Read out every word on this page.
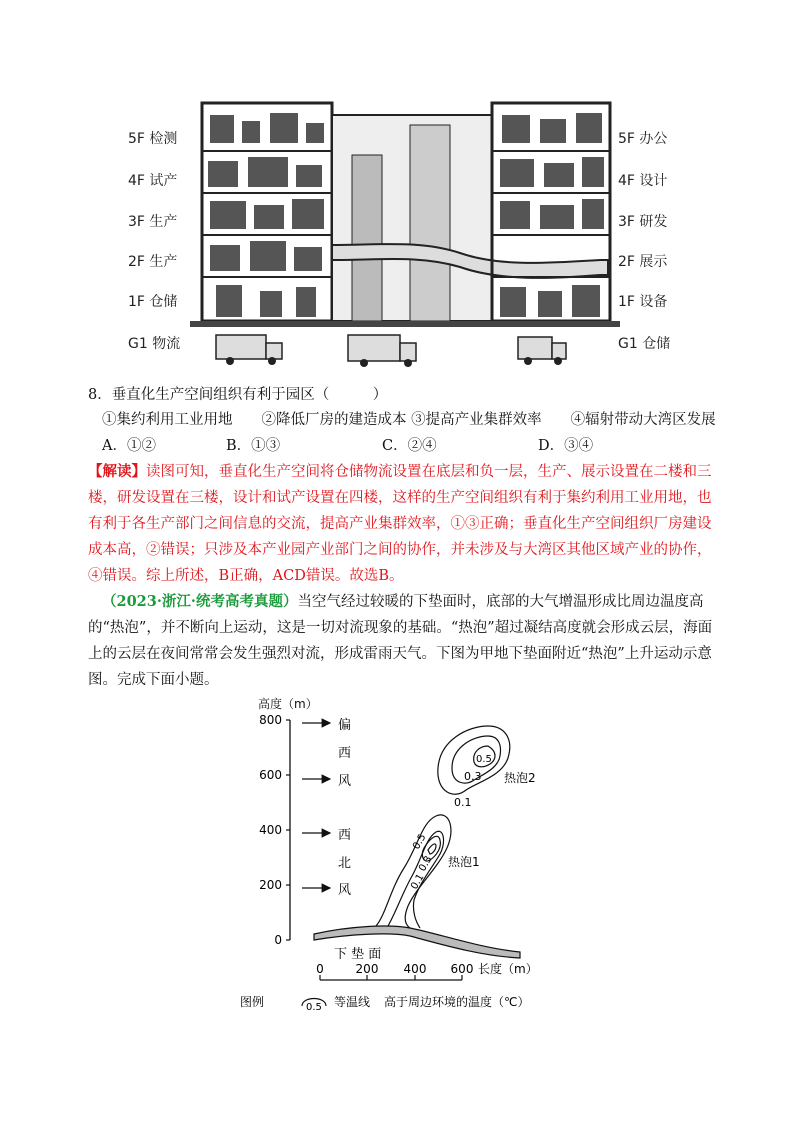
5F 检测
4F 试产
3F 生产
2F 生产
1F 仓储
G1 物流
5F 办公
4F 设计
3F 研发
2F 展示
1F 设备
G1 仓储
8．垂直化生产空间组织有利于园区（　　　）
①集约利用工业用地　　②降低厂房的建造成本 ③提高产业集群效率　　④辐射带动大湾区发展
A．①②	B．①③	C．②④	D．③④
【解读】读图可知，垂直化生产空间将仓储物流设置在底层和负一层，生产、展示设置在二楼和三楼，研发设置在三楼，设计和试产设置在四楼，这样的生产空间组织有利于集约利用工业用地，也有利于各生产部门之间信息的交流，提高产业集群效率，①③正确；垂直化生产空间组织厂房建设成本高，②错误；只涉及本产业园产业部门之间的协作，并未涉及与大湾区其他区域产业的协作，④错误。综上所述，B正确，ACD错误。故选B。
（2023·浙江·统考高考真题）当空气经过较暖的下垫面时，底部的大气增温形成比周边温度高的“热泡”，并不断向上运动，这是一切对流现象的基础。“热泡”超过凝结高度就会形成云层，海面上的云层在夜间常常会发生强烈对流，形成雷雨天气。下图为甲地下垫面附近“热泡”上升运动示意图。完成下面小题。
高度（m）
800
600
400
200
0
偏
西
风
西
北
风
0.5
0.3
0.1
热泡2
0.5
0.3
0.1
热泡1
下 垫 面
0	200 400 600 长度（m）
图例	0.5 等温线 高于周边环境的温度（℃）
